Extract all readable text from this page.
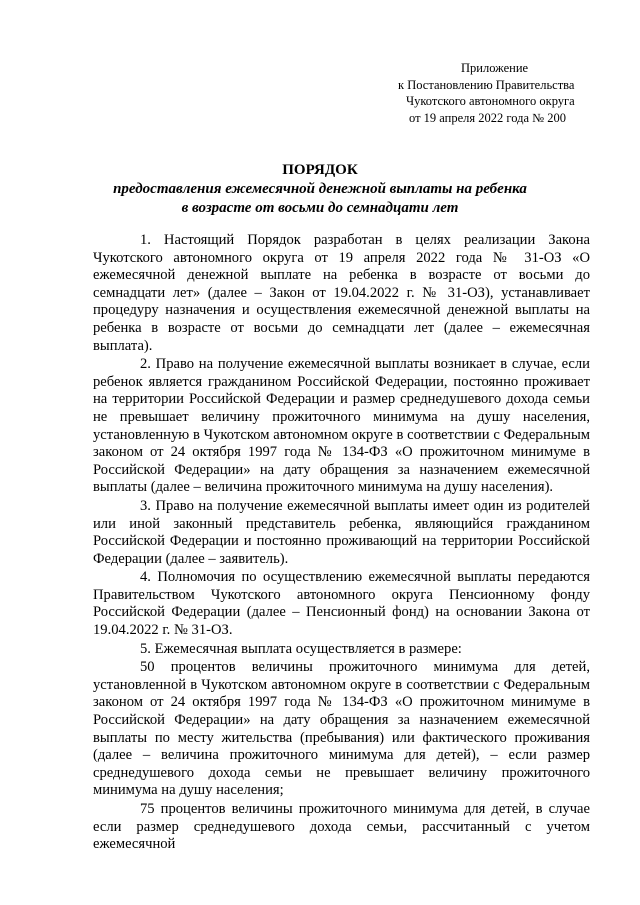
Приложение
к Постановлению Правительства
Чукотского автономного округа
от 19 апреля 2022 года № 200
ПОРЯДОК
предоставления ежемесячной денежной выплаты на ребенка
в возрасте от восьми до семнадцати лет

1. Настоящий Порядок разработан в целях реализации Закона Чукотского автономного округа от 19 апреля 2022 года № 31-ОЗ «О ежемесячной денежной выплате на ребенка в возрасте от восьми до семнадцати лет» (далее – Закон от 19.04.2022 г. № 31-ОЗ), устанавливает процедуру назначения и осуществления ежемесячной денежной выплаты на ребенка в возрасте от восьми до семнадцати лет (далее – ежемесячная выплата).

2. Право на получение ежемесячной выплаты возникает в случае, если ребенок является гражданином Российской Федерации, постоянно проживает на территории Российской Федерации и размер среднедушевого дохода семьи не превышает величину прожиточного минимума на душу населения, установленную в Чукотском автономном округе в соответствии с Федеральным законом от 24 октября 1997 года № 134-ФЗ «О прожиточном минимуме в Российской Федерации» на дату обращения за назначением ежемесячной выплаты (далее – величина прожиточного минимума на душу населения).

3. Право на получение ежемесячной выплаты имеет один из родителей или иной законный представитель ребенка, являющийся гражданином Российской Федерации и постоянно проживающий на территории Российской Федерации (далее – заявитель).

4. Полномочия по осуществлению ежемесячной выплаты передаются Правительством Чукотского автономного округа Пенсионному фонду Российской Федерации (далее – Пенсионный фонд) на основании Закона от 19.04.2022 г. № 31-ОЗ.

5. Ежемесячная выплата осуществляется в размере:

50 процентов величины прожиточного минимума для детей, установленной в Чукотском автономном округе в соответствии с Федеральным законом от 24 октября 1997 года № 134-ФЗ «О прожиточном минимуме в Российской Федерации» на дату обращения за назначением ежемесячной выплаты по месту жительства (пребывания) или фактического проживания (далее – величина прожиточного минимума для детей), – если размер среднедушевого дохода семьи не превышает величину прожиточного минимума на душу населения;

75 процентов величины прожиточного минимума для детей, в случае если размер среднедушевого дохода семьи, рассчитанный с учетом ежемесячной
